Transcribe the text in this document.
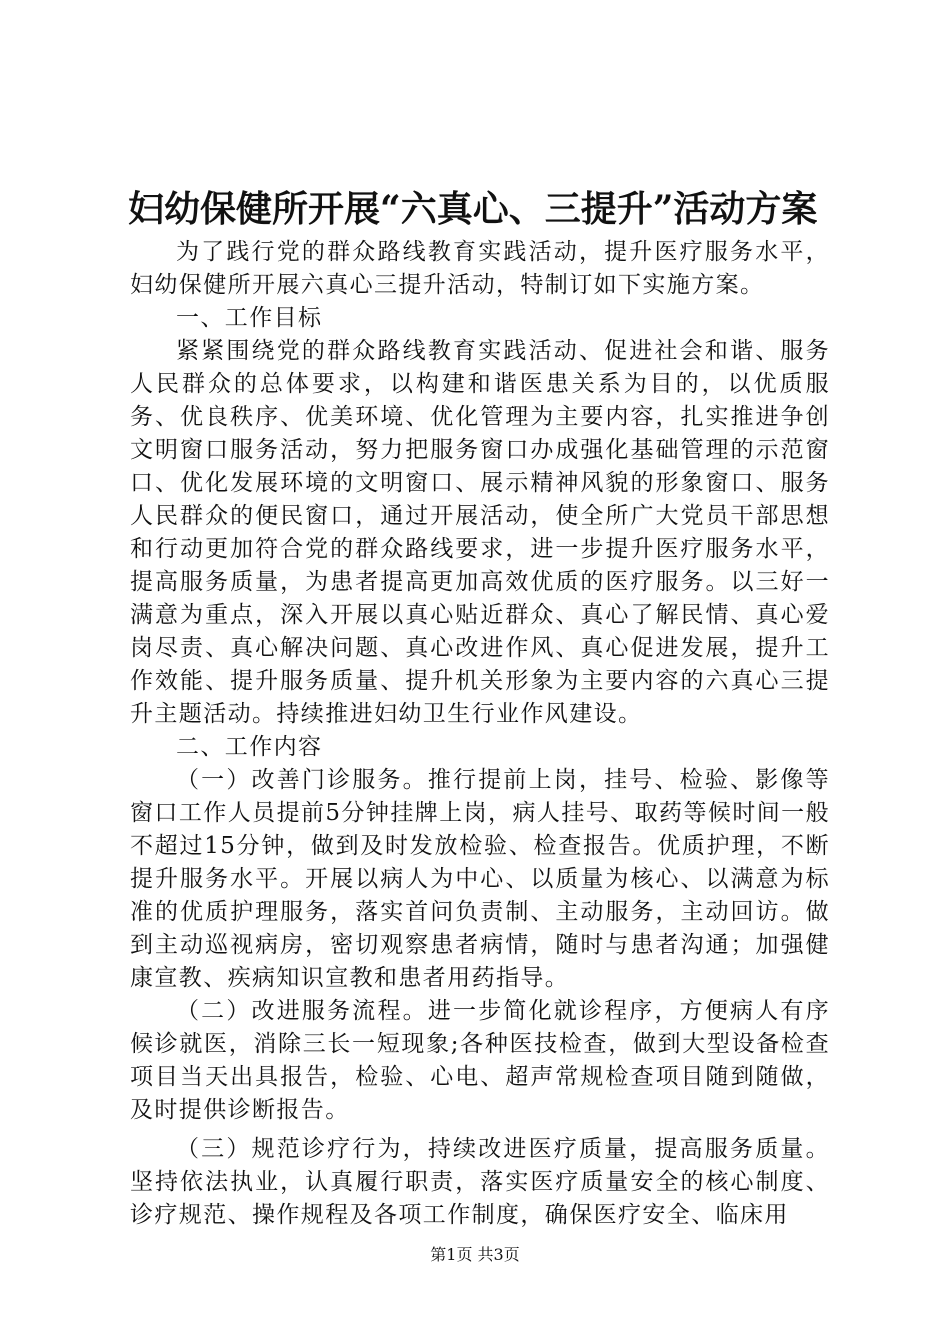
妇幼保健所开展“六真心、三提升”活动方案

为了践行党的群众路线教育实践活动，提升医疗服务水平，妇幼保健所开展六真心三提升活动，特制订如下实施方案。

一、工作目标

紧紧围绕党的群众路线教育实践活动、促进社会和谐、服务人民群众的总体要求，以构建和谐医患关系为目的，以优质服务、优良秩序、优美环境、优化管理为主要内容，扎实推进争创文明窗口服务活动，努力把服务窗口办成强化基础管理的示范窗口、优化发展环境的文明窗口、展示精神风貌的形象窗口、服务人民群众的便民窗口，通过开展活动，使全所广大党员干部思想和行动更加符合党的群众路线要求，进一步提升医疗服务水平，提高服务质量，为患者提高更加高效优质的医疗服务。以三好一满意为重点，深入开展以真心贴近群众、真心了解民情、真心爱岗尽责、真心解决问题、真心改进作风、真心促进发展，提升工作效能、提升服务质量、提升机关形象为主要内容的六真心三提升主题活动。持续推进妇幼卫生行业作风建设。

二、工作内容

（一）改善门诊服务。推行提前上岗，挂号、检验、影像等窗口工作人员提前5分钟挂牌上岗，病人挂号、取药等候时间一般不超过15分钟，做到及时发放检验、检查报告。优质护理，不断提升服务水平。开展以病人为中心、以质量为核心、以满意为标准的优质护理服务，落实首问负责制、主动服务，主动回访。做到主动巡视病房，密切观察患者病情，随时与患者沟通；加强健康宣教、疾病知识宣教和患者用药指导。

（二）改进服务流程。进一步简化就诊程序，方便病人有序候诊就医，消除三长一短现象;各种医技检查，做到大型设备检查项目当天出具报告，检验、心电、超声常规检查项目随到随做，及时提供诊断报告。

（三）规范诊疗行为，持续改进医疗质量，提高服务质量。坚持依法执业，认真履行职责，落实医疗质量安全的核心制度、诊疗规范、操作规程及各项工作制度，确保医疗安全、临床用

第1页 共3页
